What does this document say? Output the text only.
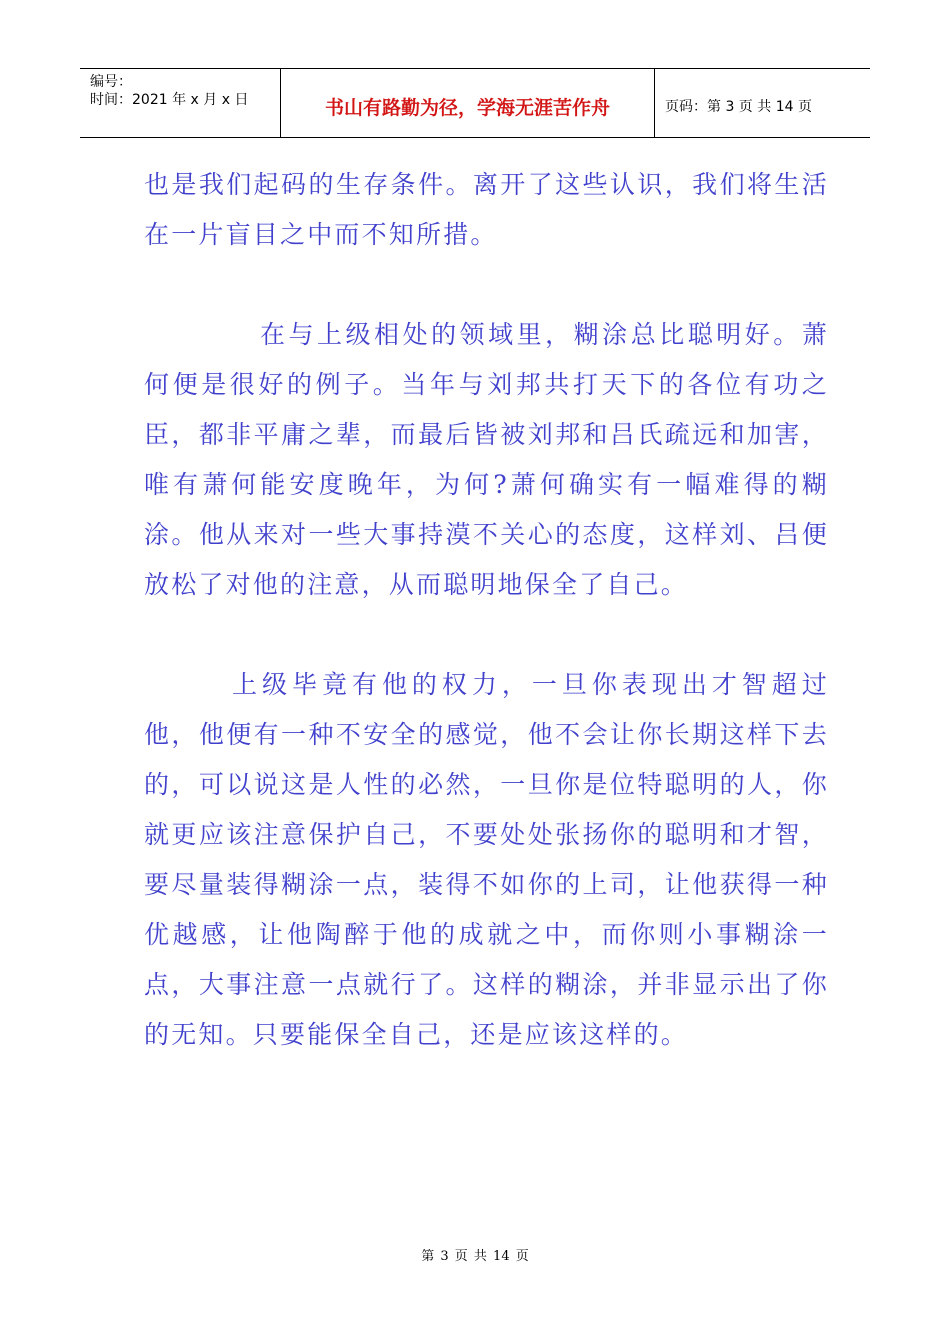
编号：
时间：2021 年 x 月 x 日	书山有路勤为径，学海无涯苦作舟	页码：第 3 页 共 14 页

也是我们起码的生存条件。离开了这些认识，我们将生活在一片盲目之中而不知所措。

在与上级相处的领域里，糊涂总比聪明好。萧何便是很好的例子。当年与刘邦共打天下的各位有功之臣，都非平庸之辈，而最后皆被刘邦和吕氏疏远和加害，唯有萧何能安度晚年，为何?萧何确实有一幅难得的糊涂。他从来对一些大事持漠不关心的态度，这样刘、吕便放松了对他的注意，从而聪明地保全了自己。

上级毕竟有他的权力，一旦你表现出才智超过他，他便有一种不安全的感觉，他不会让你长期这样下去的，可以说这是人性的必然，一旦你是位特聪明的人，你就更应该注意保护自己，不要处处张扬你的聪明和才智，要尽量装得糊涂一点，装得不如你的上司，让他获得一种优越感，让他陶醉于他的成就之中，而你则小事糊涂一点，大事注意一点就行了。这样的糊涂，并非显示出了你的无知。只要能保全自己，还是应该这样的。

第 3 页 共 14 页
